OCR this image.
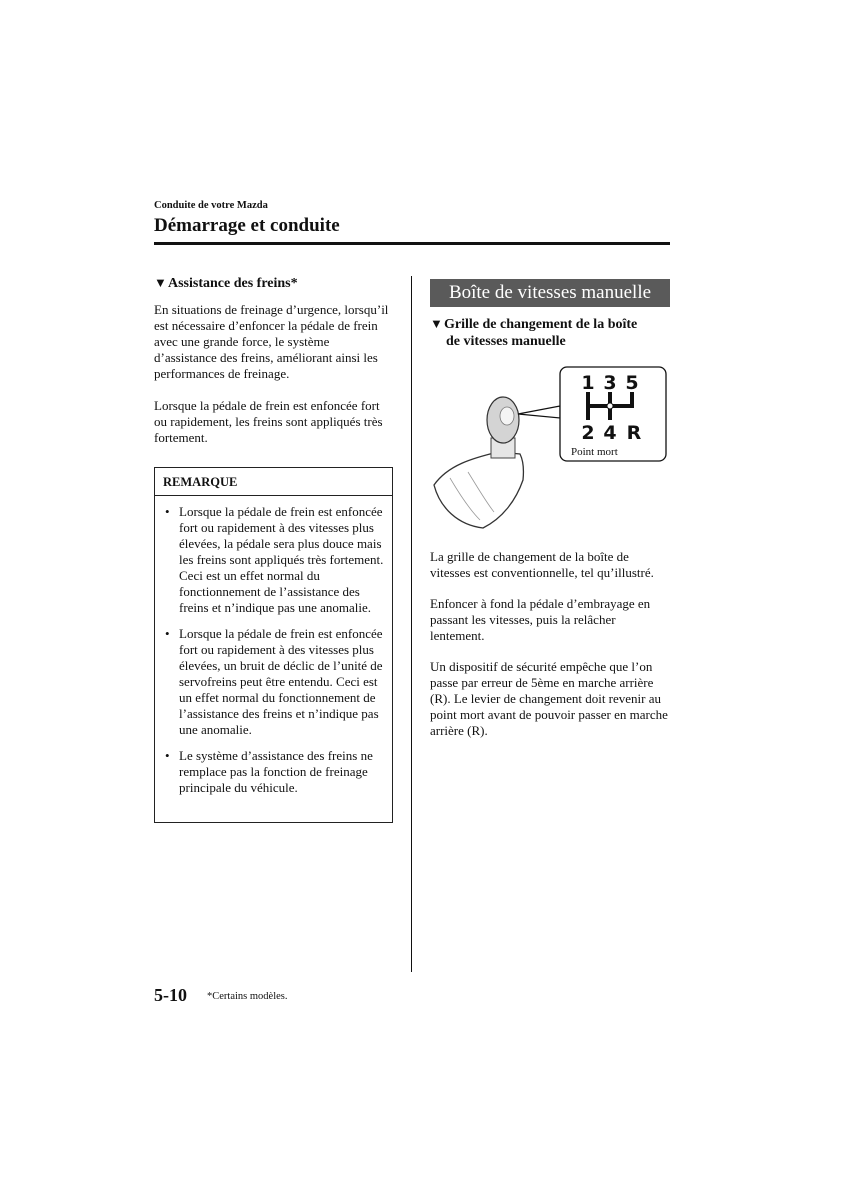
Conduite de votre Mazda
Démarrage et conduite
▼Assistance des freins*

En situations de freinage d’urgence, lorsqu’il est nécessaire d’enfoncer la pédale de frein avec une grande force, le système d’assistance des freins, améliorant ainsi les performances de freinage.

Lorsque la pédale de frein est enfoncée fort ou rapidement, les freins sont appliqués très fortement.

REMARQUE
• Lorsque la pédale de frein est enfoncée fort ou rapidement à des vitesses plus élevées, la pédale sera plus douce mais les freins sont appliqués très fortement. Ceci est un effet normal du fonctionnement de l’assistance des freins et n’indique pas une anomalie.
• Lorsque la pédale de frein est enfoncée fort ou rapidement à des vitesses plus élevées, un bruit de déclic de l’unité de servofreins peut être entendu. Ceci est un effet normal du fonctionnement de l’assistance des freins et n’indique pas une anomalie.
• Le système d’assistance des freins ne remplace pas la fonction de freinage principale du véhicule.
Boîte de vitesses manuelle
▼Grille de changement de la boîte
de vitesses manuelle
1 3 5
2 4 R
Point mort

La grille de changement de la boîte de vitesses est conventionnelle, tel qu’illustré.

Enfoncer à fond la pédale d’embrayage en passant les vitesses, puis la relâcher lentement.

Un dispositif de sécurité empêche que l’on passe par erreur de 5ème en marche arrière (R). Le levier de changement doit revenir au point mort avant de pouvoir passer en marche arrière (R).

5-10 *Certains modèles.
